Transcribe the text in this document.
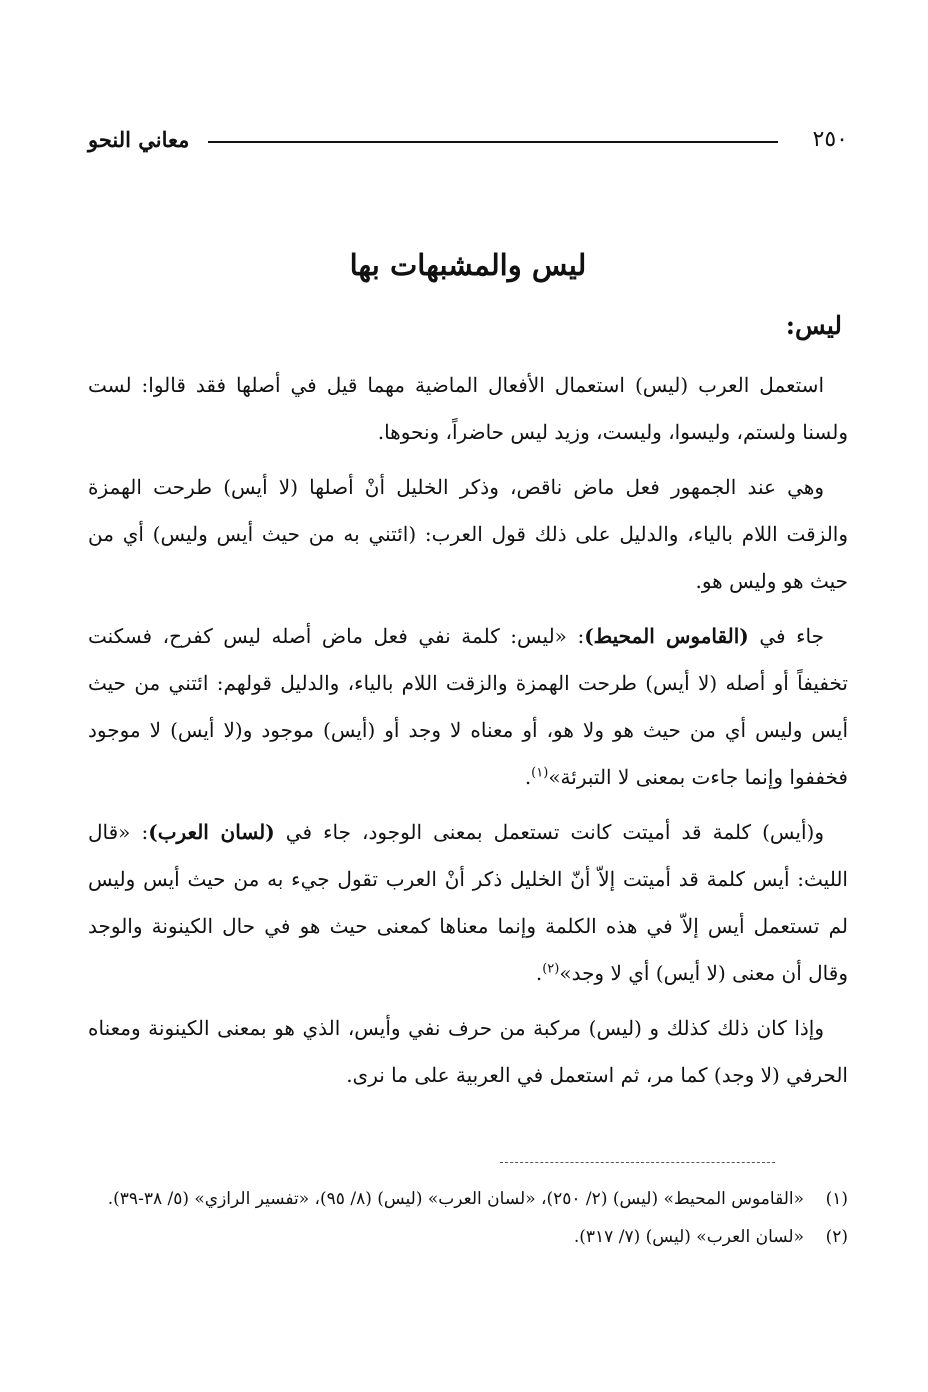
٢٥٠
معاني النحو
ليس والمشبهات بها
ليس:

استعمل العرب (ليس) استعمال الأفعال الماضية مهما قيل في أصلها فقد قالوا: لست ولسنا ولستم، وليسوا، وليست، وزيد ليس حاضراً، ونحوها.

وهي عند الجمهور فعل ماض ناقص، وذكر الخليل أنْ أصلها (لا أيس) طرحت الهمزة والزقت اللام بالياء، والدليل على ذلك قول العرب: (ائتني به من حيث أيس وليس) أي من حيث هو وليس هو.

جاء في (القاموس المحيط): «ليس: كلمة نفي فعل ماض أصله ليس كفرح، فسكنت تخفيفاً أو أصله (لا أيس) طرحت الهمزة والزقت اللام بالياء، والدليل قولهم: ائتني من حيث أيس وليس أي من حيث هو ولا هو، أو معناه لا وجد أو (أيس) موجود و(لا أيس) لا موجود فخففوا وإنما جاءت بمعنى لا التبرئة»$^{(١)}$.

و(أيس) كلمة قد أميتت كانت تستعمل بمعنى الوجود، جاء في (لسان العرب): «قال الليث: أيس كلمة قد أميتت إلاّ أنّ الخليل ذكر أنْ العرب تقول جيء به من حيث أيس وليس لم تستعمل أيس إلاّ في هذه الكلمة وإنما معناها كمعنى حيث هو في حال الكينونة والوجد وقال أن معنى (لا أيس) أي لا وجد»$^{(٢)}$.

وإذا كان ذلك كذلك و (ليس) مركبة من حرف نفي وأيس، الذي هو بمعنى الكينونة ومعناه الحرفي (لا وجد) كما مر، ثم استعمل في العربية على ما نرى.

(١)«القاموس المحيط» (ليس) (٢/ ٢٥٠)، «لسان العرب» (ليس) (٨/ ٩٥)، «تفسير الرازي» (٥/ ٣٨-٣٩).
(٢)«لسان العرب» (ليس) (٧/ ٣١٧).
